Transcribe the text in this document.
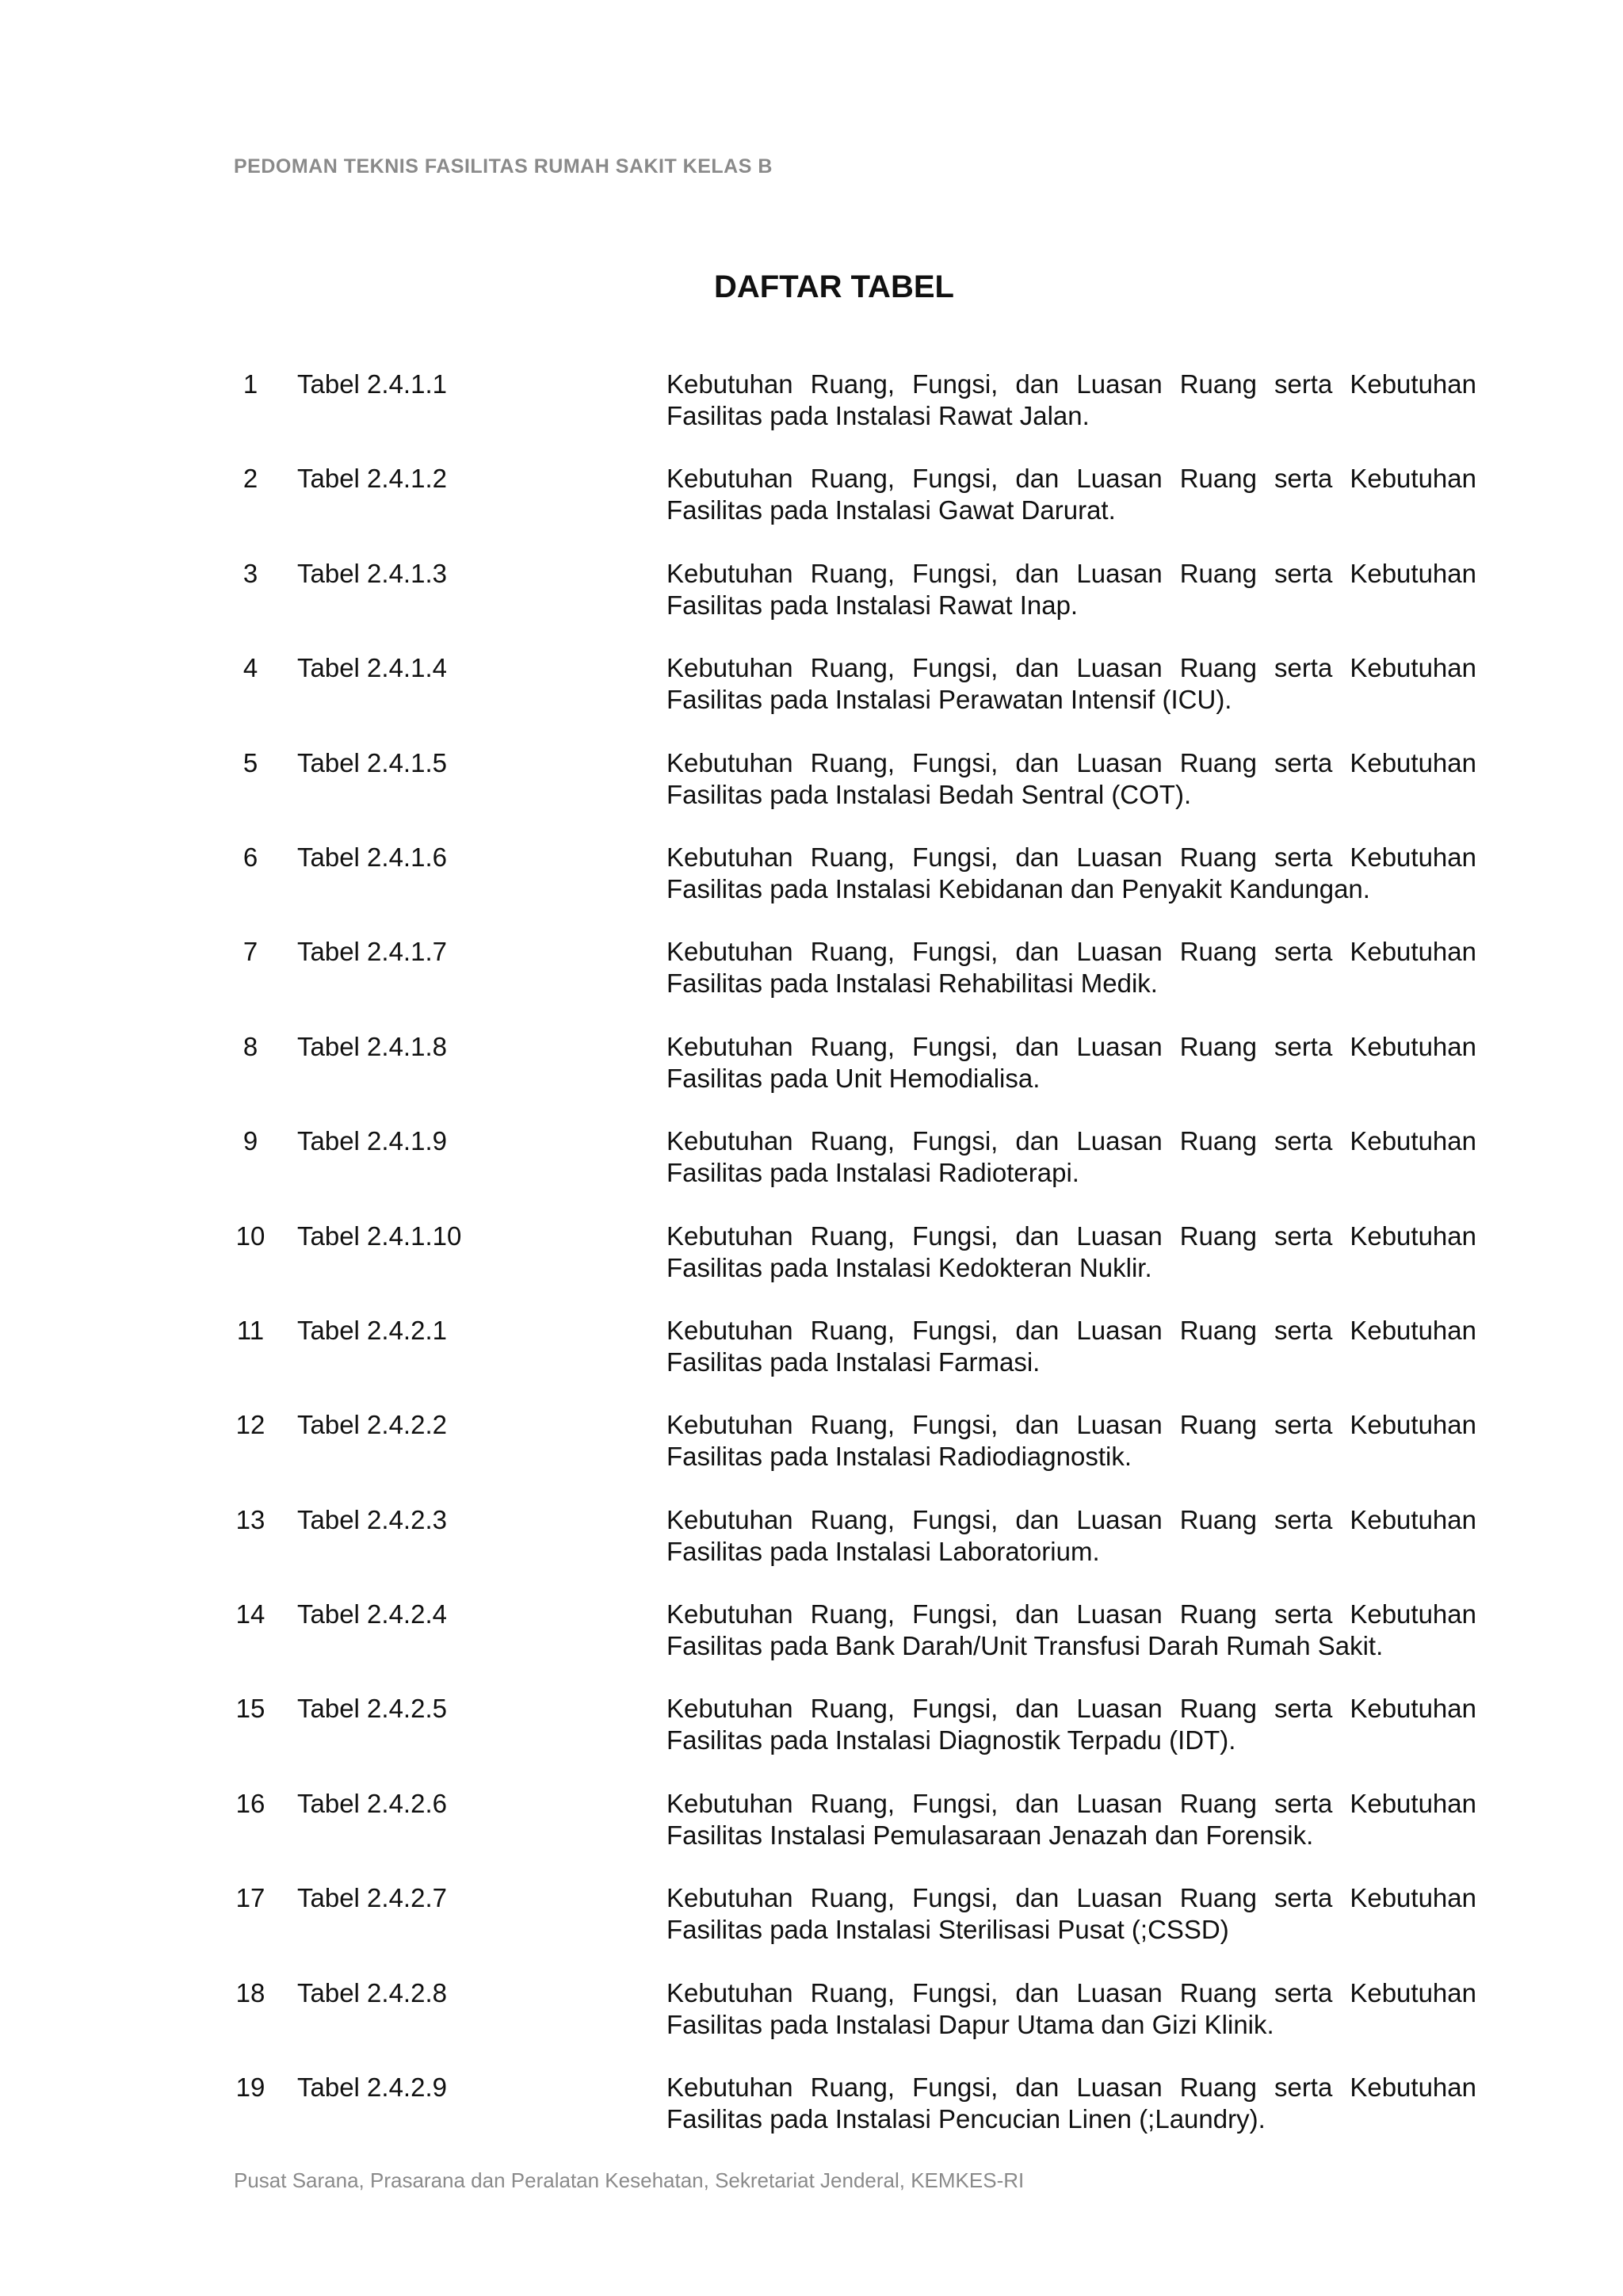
PEDOMAN TEKNIS FASILITAS RUMAH SAKIT KELAS B

DAFTAR TABEL
1	Tabel 2.4.1.1	Kebutuhan Ruang, Fungsi, dan Luasan Ruang serta Kebutuhan Fasilitas pada Instalasi Rawat Jalan.
2	Tabel 2.4.1.2	Kebutuhan Ruang, Fungsi, dan Luasan Ruang serta Kebutuhan Fasilitas pada Instalasi Gawat Darurat.
3	Tabel 2.4.1.3	Kebutuhan Ruang, Fungsi, dan Luasan Ruang serta Kebutuhan Fasilitas pada Instalasi Rawat Inap.
4	Tabel 2.4.1.4	Kebutuhan Ruang, Fungsi, dan Luasan Ruang serta Kebutuhan Fasilitas pada Instalasi Perawatan Intensif (ICU).
5	Tabel 2.4.1.5	Kebutuhan Ruang, Fungsi, dan Luasan Ruang serta Kebutuhan Fasilitas pada Instalasi Bedah Sentral (COT).
6	Tabel 2.4.1.6	Kebutuhan Ruang, Fungsi, dan Luasan Ruang serta Kebutuhan Fasilitas pada Instalasi Kebidanan dan Penyakit Kandungan.
7	Tabel 2.4.1.7	Kebutuhan Ruang, Fungsi, dan Luasan Ruang serta Kebutuhan Fasilitas pada Instalasi Rehabilitasi Medik.
8	Tabel 2.4.1.8	Kebutuhan Ruang, Fungsi, dan Luasan Ruang serta Kebutuhan Fasilitas pada Unit Hemodialisa.
9	Tabel 2.4.1.9	Kebutuhan Ruang, Fungsi, dan Luasan Ruang serta Kebutuhan Fasilitas pada Instalasi Radioterapi.
10 Tabel 2.4.1.10	Kebutuhan Ruang, Fungsi, dan Luasan Ruang serta Kebutuhan Fasilitas pada Instalasi Kedokteran Nuklir.
11 Tabel 2.4.2.1	Kebutuhan Ruang, Fungsi, dan Luasan Ruang serta Kebutuhan Fasilitas pada Instalasi Farmasi.
12 Tabel 2.4.2.2	Kebutuhan Ruang, Fungsi, dan Luasan Ruang serta Kebutuhan Fasilitas pada Instalasi Radiodiagnostik.
13 Tabel 2.4.2.3	Kebutuhan Ruang, Fungsi, dan Luasan Ruang serta Kebutuhan Fasilitas pada Instalasi Laboratorium.
14 Tabel 2.4.2.4	Kebutuhan Ruang, Fungsi, dan Luasan Ruang serta Kebutuhan Fasilitas pada Bank Darah/Unit Transfusi Darah Rumah Sakit.
15 Tabel 2.4.2.5	Kebutuhan Ruang, Fungsi, dan Luasan Ruang serta Kebutuhan Fasilitas pada Instalasi Diagnostik Terpadu (IDT).
16 Tabel 2.4.2.6	Kebutuhan Ruang, Fungsi, dan Luasan Ruang serta Kebutuhan Fasilitas Instalasi Pemulasaraan Jenazah dan Forensik.
17 Tabel 2.4.2.7	Kebutuhan Ruang, Fungsi, dan Luasan Ruang serta Kebutuhan Fasilitas pada Instalasi Sterilisasi Pusat (;CSSD)
18 Tabel 2.4.2.8	Kebutuhan Ruang, Fungsi, dan Luasan Ruang serta Kebutuhan Fasilitas pada Instalasi Dapur Utama dan Gizi Klinik.
19 Tabel 2.4.2.9	Kebutuhan Ruang, Fungsi, dan Luasan Ruang serta Kebutuhan Fasilitas pada Instalasi Pencucian Linen (;Laundry).

Pusat Sarana, Prasarana dan Peralatan Kesehatan, Sekretariat Jenderal, KEMKES-RI
